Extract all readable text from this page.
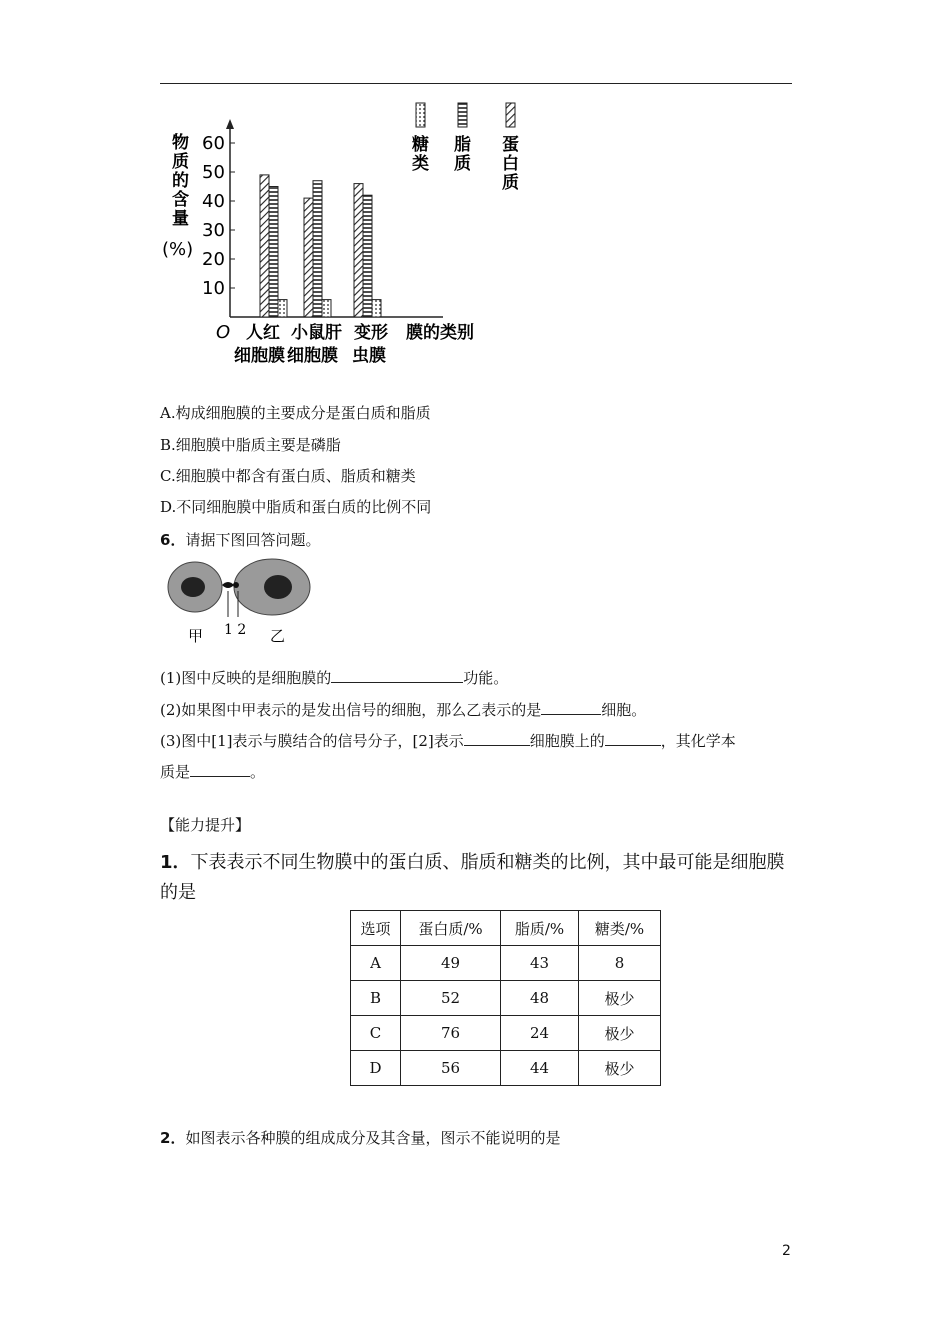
物
质
的
含
量
(%)
10
20
30
40
50
60
人红
细胞膜
小鼠肝
细胞膜
变形
虫膜
O	膜的类别
糖
类
脂
质
蛋
白
质
A.构成细胞膜的主要成分是蛋白质和脂质
B.细胞膜中脂质主要是磷脂
C.细胞膜中都含有蛋白质、脂质和糖类
D.不同细胞膜中脂质和蛋白质的比例不同
6．请据下图回答问题。
甲 1 2 乙
(1)图中反映的是细胞膜的	功能。
(2)如果图中甲表示的是发出信号的细胞，那么乙表示的是	细胞。
(3)图中[1]表示与膜结合的信号分子，[2]表示	细胞膜上的	，其化学本
质是	。
【能力提升】
1．下表表示不同生物膜中的蛋白质、脂质和糖类的比例，其中最可能是细胞膜的是
选项	蛋白质/%	脂质/%	糖类/%
A	49	43	8
B	52	48	极少
C	76	24	极少
D	56	44	极少
2．如图表示各种膜的组成成分及其含量，图示不能说明的是
2
